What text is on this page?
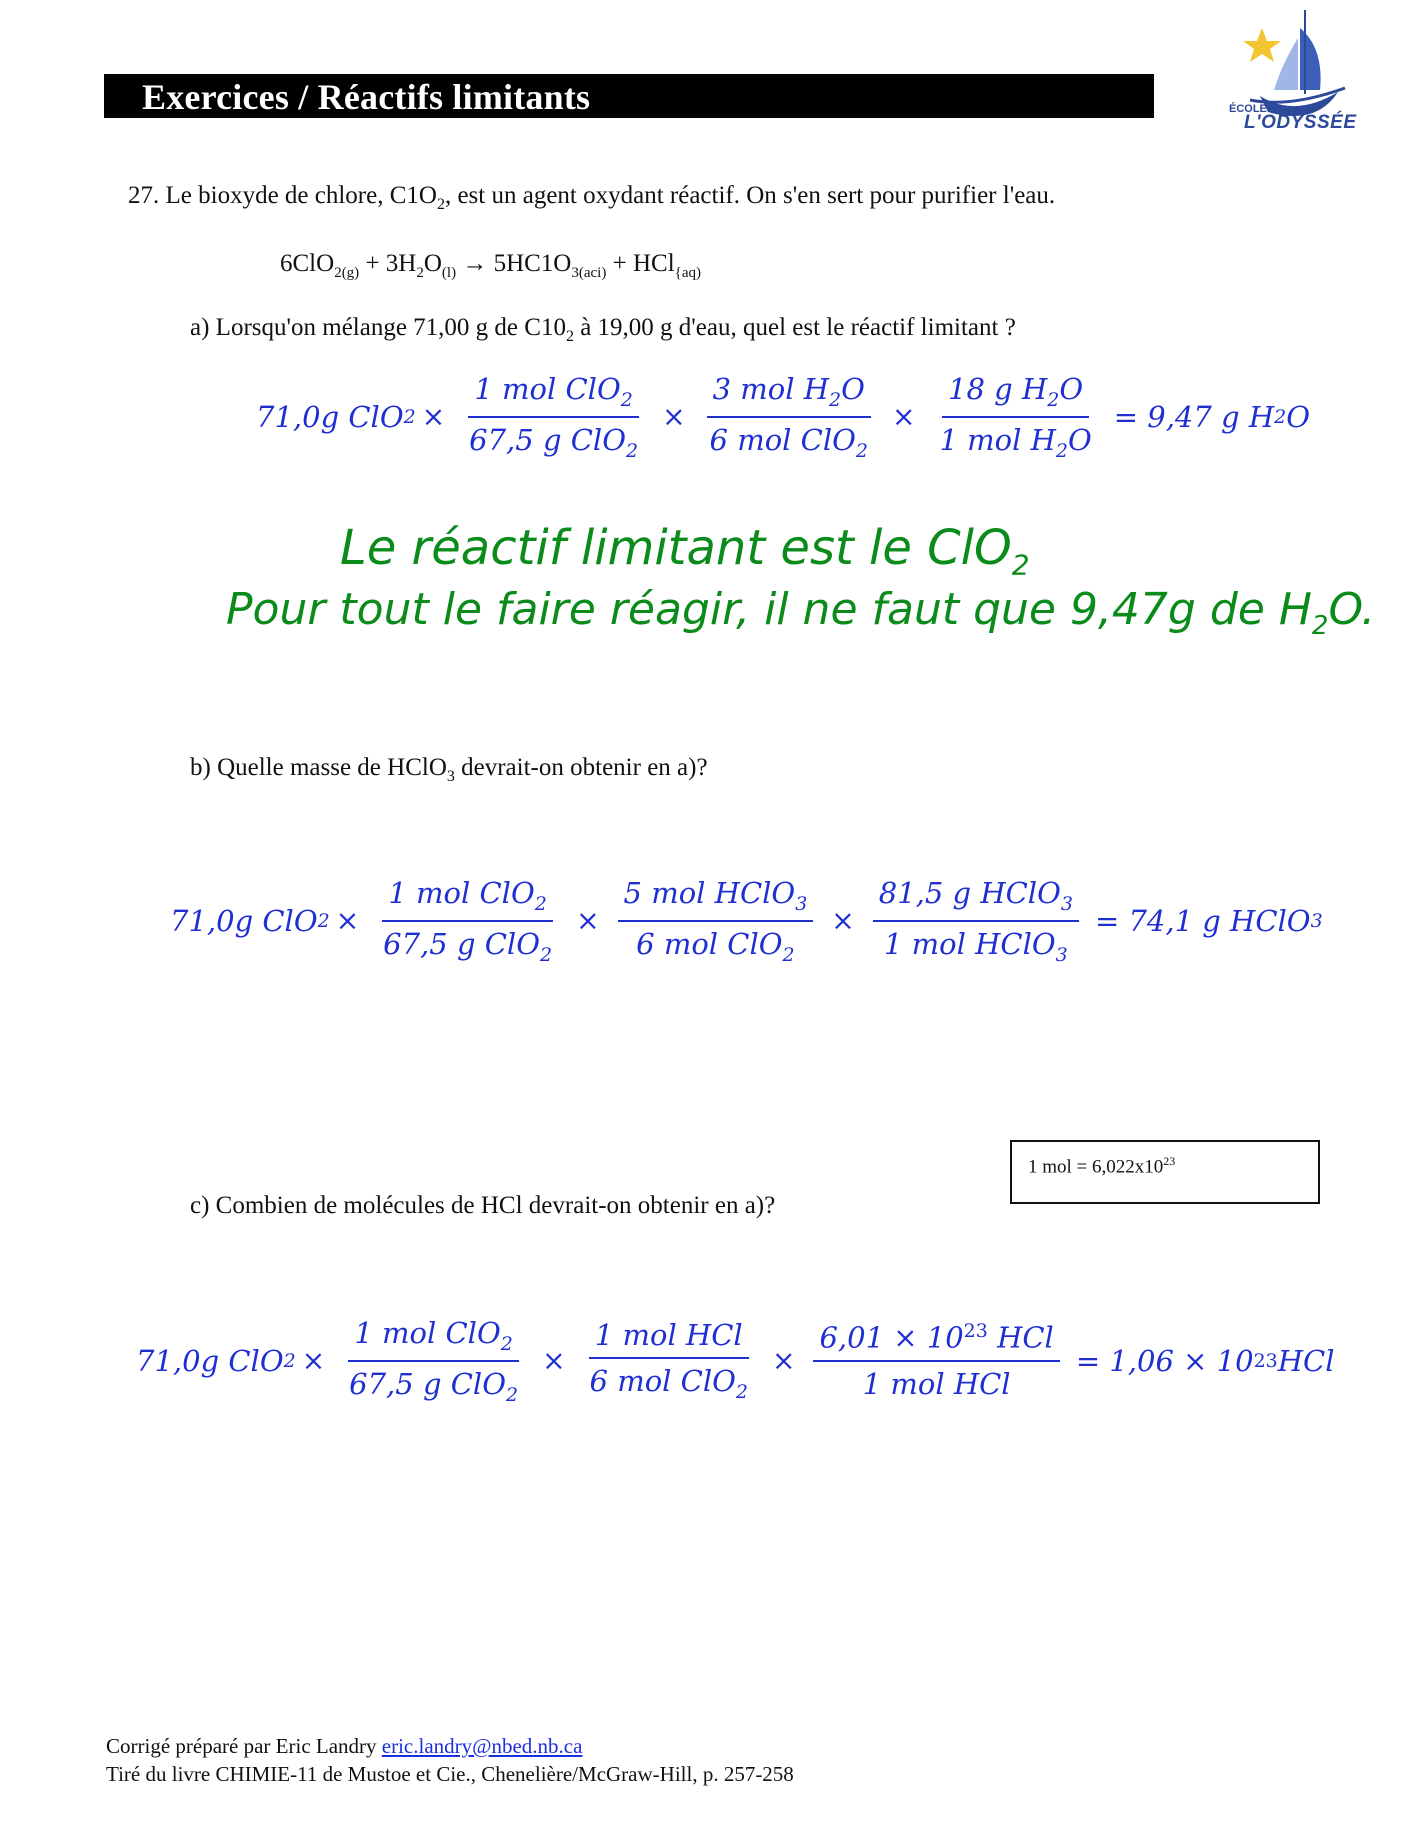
Exercices / Réactifs limitants	ÉCOLE
L'ODYSSÉE
27. Le bioxyde de chlore, $C1O_2$, est un agent oxydant réactif. On s'en sert pour purifier l'eau.
$6ClO_{2(g)} + 3H_2O_{(l)} \to 5HC1O_{3(aci)} + HCl_{\{aq)}$
a) Lorsqu'on mélange 71,00 g de $C10_2$ à 19,00 g d'eau, quel est le réactif limitant ?
71,0g ClO $2 \times \frac{1 mol ClO_2}{67,5 g ClO_2} \times \frac{3 mol H_2O}{6 mol ClO_2} \times \frac{18 g H_2O}{1 mol H_2O} = 9,47$ g H 2 O
Le réactif limitant est le ClO$_2$
Pour tout le faire réagir, il ne faut que 9,47g de $H_2O$.
b) Quelle masse de HClO$_3$ devrait-on obtenir en a)?
71,0g ClO $2 \times \frac{1 mol ClO_2}{67,5 g ClO_2} \times \frac{5 mol HClO_3}{6 mol ClO_2} \times \frac{81,5 g HClO_3}{1 mol HClO_3} = 74,1$ g HClO 3
1 mol = $6,022x10^{23}$
c) Combien de molécules de HCl devrait-on obtenir en a)?
71,0g ClO $2 \times \frac{1 mol ClO_2}{67,5 g ClO_2} \times \frac{\text{1 mol HCl}}{6 mol ClO_2} \times \frac{6,01 \times 10^{23} HCl}{\text{1 mol HCl}} = 1,06 \times 10$ 23 HCl
Corrigé préparé par Eric Landry eric.landry@nbed.nb.ca
Tiré du livre CHIMIE-11 de Mustoe et Cie., Chenelière/McGraw-Hill, p. 257-258
